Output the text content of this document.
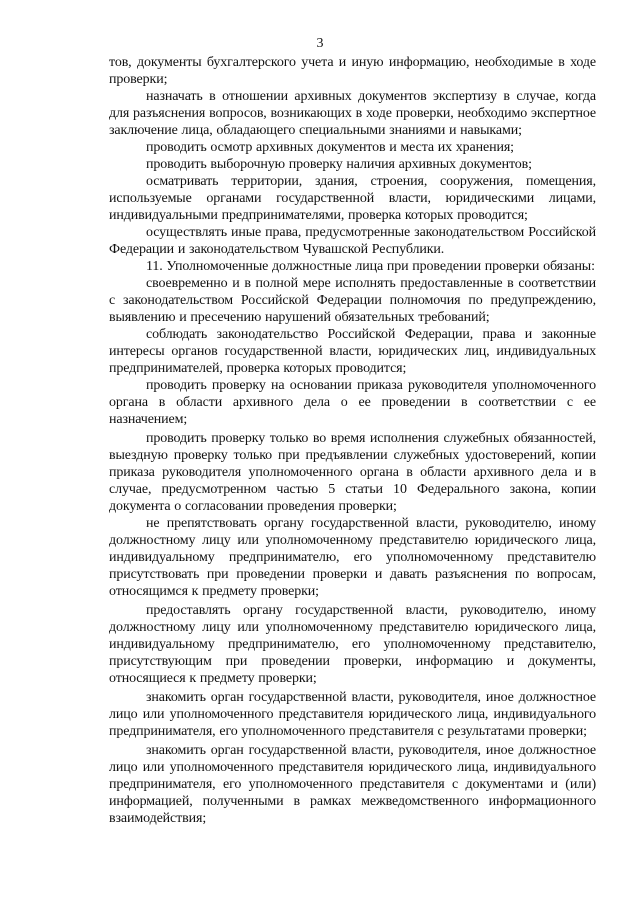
3

тов, документы бухгалтерского учета и иную информацию, необходимые в ходе проверки;

назначать в отношении архивных документов экспертизу в случае, когда для разъяснения вопросов, возникающих в ходе проверки, необходимо экспертное заключение лица, обладающего специальными знаниями и навыками;

проводить осмотр архивных документов и места их хранения;

проводить выборочную проверку наличия архивных документов;

осматривать территории, здания, строения, сооружения, помещения, используемые органами государственной власти, юридическими лицами, индивидуальными предпринимателями, проверка которых проводится;

осуществлять иные права, предусмотренные законодательством Российской Федерации и законодательством Чувашской Республики.

11. Уполномоченные должностные лица при проведении проверки обязаны:

своевременно и в полной мере исполнять предоставленные в соответствии с законодательством Российской Федерации полномочия по предупреждению, выявлению и пресечению нарушений обязательных требований;

соблюдать законодательство Российской Федерации, права и законные интересы органов государственной власти, юридических лиц, индивидуальных предпринимателей, проверка которых проводится;

проводить проверку на основании приказа руководителя уполномоченного органа в области архивного дела о ее проведении в соответствии с ее назначением;

проводить проверку только во время исполнения служебных обязанностей, выездную проверку только при предъявлении служебных удостоверений, копии приказа руководителя уполномоченного органа в области архивного дела и в случае, предусмотренном частью 5 статьи 10 Федерального закона, копии документа о согласовании проведения проверки;

не препятствовать органу государственной власти, руководителю, иному должностному лицу или уполномоченному представителю юридического лица, индивидуальному предпринимателю, его уполномоченному представителю присутствовать при проведении проверки и давать разъяснения по вопросам, относящимся к предмету проверки;

предоставлять органу государственной власти, руководителю, иному должностному лицу или уполномоченному представителю юридического лица, индивидуальному предпринимателю, его уполномоченному представителю, присутствующим при проведении проверки, информацию и документы, относящиеся к предмету проверки;

знакомить орган государственной власти, руководителя, иное должностное лицо или уполномоченного представителя юридического лица, индивидуального предпринимателя, его уполномоченного представителя с результатами проверки;

знакомить орган государственной власти, руководителя, иное должностное лицо или уполномоченного представителя юридического лица, индивидуального предпринимателя, его уполномоченного представителя с документами и (или) информацией, полученными в рамках межведомственного информационного взаимодействия;
